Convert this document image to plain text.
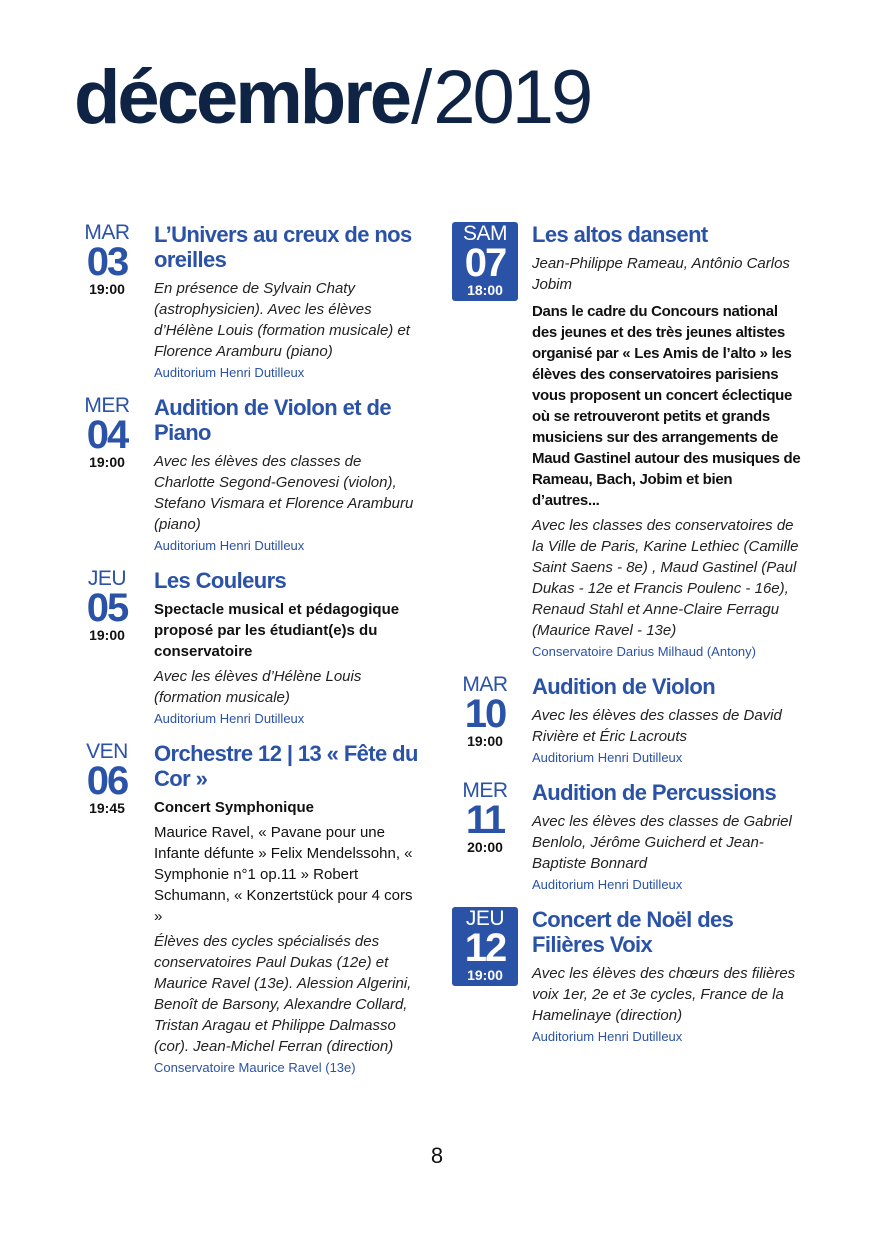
décembre/2019
MAR
03
19:00
L’Univers au creux de nos oreilles
En présence de Sylvain Chaty (astrophysicien). Avec les élèves d’Hélène Louis (formation musicale) et Florence Aramburu (piano)
Auditorium Henri Dutilleux
MER
04
19:00
Audition de Violon et de Piano
Avec les élèves des classes de Charlotte Segond-Genovesi (violon), Stefano Vismara et Florence Aramburu (piano)
Auditorium Henri Dutilleux
JEU
05
19:00
Les Couleurs
Spectacle musical et pédagogique proposé par les étudiant(e)s du conservatoire
Avec les élèves d’Hélène Louis (formation musicale)
Auditorium Henri Dutilleux
VEN
06
19:45
Orchestre 12 | 13 « Fête du Cor »
Concert Symphonique
Maurice Ravel, « Pavane pour une Infante défunte » Felix Mendelssohn, « Symphonie n°1 op.11 » Robert Schumann, « Konzertstück pour 4 cors »
Élèves des cycles spécialisés des conservatoires Paul Dukas (12e) et Maurice Ravel (13e). Alession Algerini, Benoît de Barsony, Alexandre Collard, Tristan Aragau et Philippe Dalmasso (cor). Jean-Michel Ferran (direction)
Conservatoire Maurice Ravel (13e)
SAM
07
18:00
Les altos dansent
Jean-Philippe Rameau, Antônio Carlos Jobim
Dans le cadre du Concours national des jeunes et des très jeunes altistes organisé par « Les Amis de l’alto » les élèves des conservatoires parisiens vous proposent un concert éclectique où se retrouveront petits et grands musiciens sur des arrangements de Maud Gastinel autour des musiques de Rameau, Bach, Jobim et bien d’autres...
Avec les classes des conservatoires de la Ville de Paris, Karine Lethiec (Camille Saint Saens - 8e) , Maud Gastinel (Paul Dukas - 12e et Francis Poulenc - 16e), Renaud Stahl et Anne-Claire Ferragu (Maurice Ravel - 13e)
Conservatoire Darius Milhaud (Antony)
MAR
10
19:00
Audition de Violon
Avec les élèves des classes de David Rivière et Éric Lacrouts
Auditorium Henri Dutilleux
MER
11
20:00
Audition de Percussions
Avec les élèves des classes de Gabriel Benlolo, Jérôme Guicherd et Jean-Baptiste Bonnard
Auditorium Henri Dutilleux
JEU
12
19:00
Concert de Noël des Filières Voix
Avec les élèves des chœurs des filières voix 1er, 2e et 3e cycles, France de la Hamelinaye (direction)
Auditorium Henri Dutilleux
8
